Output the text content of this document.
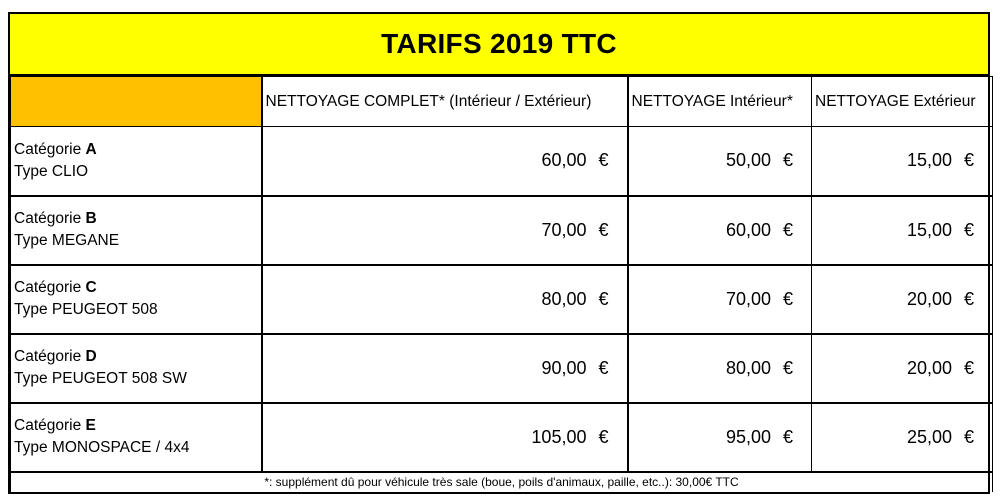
TARIFS 2019 TTC
	NETTOYAGE COMPLET* (Intérieur / Extérieur)	NETTOYAGE Intérieur*	NETTOYAGE Extérieur

Catégorie A
Type CLIO	60,00 €	50,00 €	15,00 €

Catégorie B
Type MEGANE	70,00 €	60,00 €	15,00 €

Catégorie C
Type PEUGEOT 508	80,00 €	70,00 €	20,00 €

Catégorie D
Type PEUGEOT 508 SW	90,00 €	80,00 €	20,00 €

Catégorie E
Type MONOSPACE / 4x4	105,00 €	95,00 €	25,00 €
*: supplément dû pour véhicule très sale (boue, poils d'animaux, paille, etc..): 30,00€ TTC			
